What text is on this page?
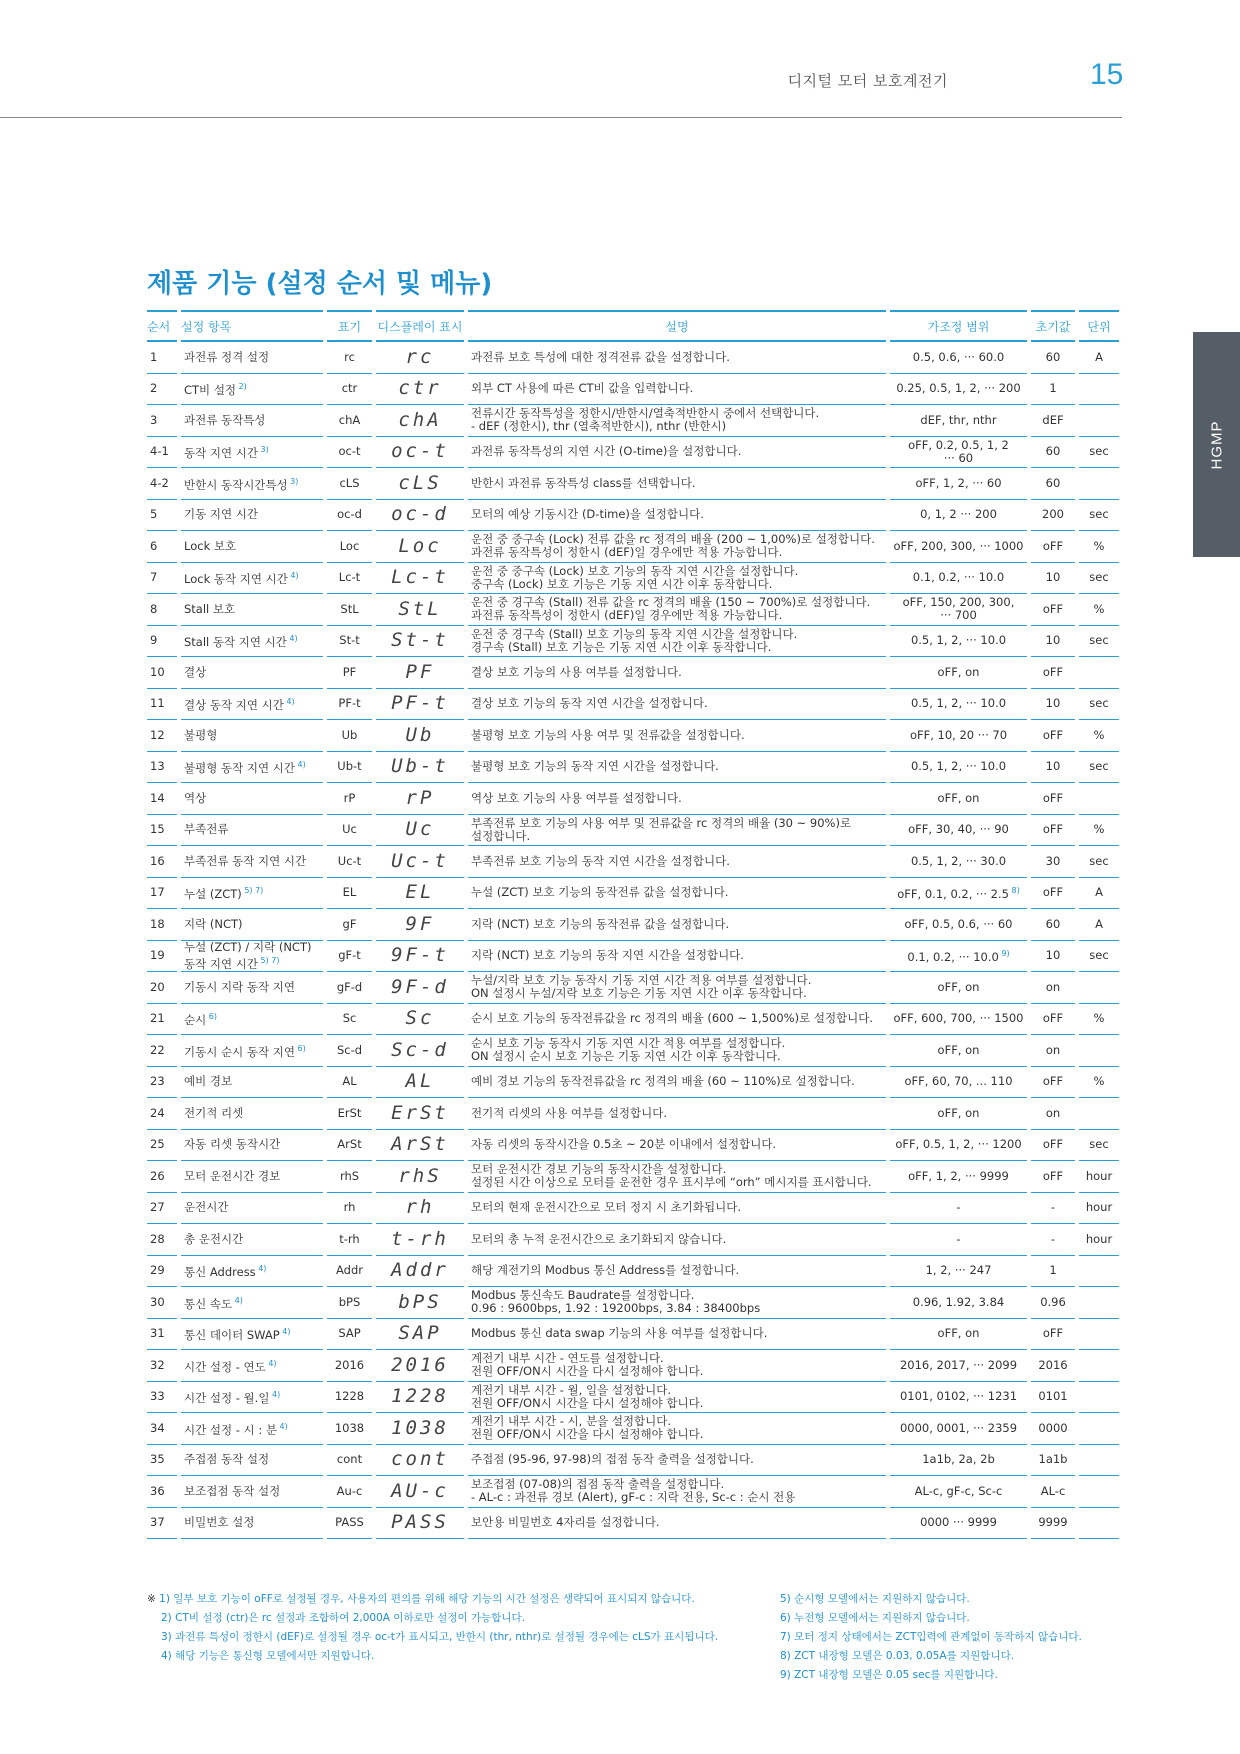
디지털 모터 보호계전기	15
HGMP
제품 기능 (설정 순서 및 메뉴)
순서	설정 항목	표기	디스플레이 표시	설명	가조정 범위	초기값	단위
1	과전류 정격 설정	rc	rc	과전류 보호 특성에 대한 정격전류 값을 설정합니다.	0.5, 0.6, ··· 60.0	60	A
2	CT비 설정 $^{2)}$	ctr	ctr	외부 CT 사용에 따른 CT비 값을 입력합니다.	0.25, 0.5, 1, 2, ··· 200	1	
3	과전류 동작특성	chA	chA	전류시간 동작특성을 정한시/반한시/열축적반한시 중에서 선택합니다.
- dEF (정한시), thr (열축적반한시), nthr (반한시)	dEF, thr, nthr	dEF	
4-1	동작 지연 시간 $^{3)}$	oc-t	oc-t	과전류 동작특성의 지연 시간 (O-time)을 설정합니다.	oFF, 0.2, 0.5, 1, 2
··· 60	60	sec
4-2	반한시 동작시간특성 $^{3)}$	cLS	cLS	반한시 과전류 동작특성 class를 선택합니다.	oFF, 1, 2, ··· 60	60	
5	기동 지연 시간	oc-d	oc-d	모터의 예상 기동시간 (D-time)을 설정합니다.	0, 1, 2 ··· 200	200	sec
6	Lock 보호	Loc	Loc	운전 중 중구속 (Lock) 전류 값을 rc 정격의 배율 (200 ~ 1,00%)로 설정합니다.
과전류 동작특성이 정한시 (dEF)일 경우에만 적용 가능합니다.	oFF, 200, 300, ··· 1000	oFF	%
7	Lock 동작 지연 시간 $^{4)}$	Lc-t	Lc-t	운전 중 중구속 (Lock) 보호 기능의 동작 지연 시간을 설정합니다.
중구속 (Lock) 보호 기능은 기동 지연 시간 이후 동작합니다.	0.1, 0.2, ··· 10.0	10	sec
8	Stall 보호	StL	StL	운전 중 경구속 (Stall) 전류 값을 rc 정격의 배율 (150 ~ 700%)로 설정합니다.
과전류 동작특성이 정한시 (dEF)일 경우에만 적용 가능합니다.	oFF, 150, 200, 300,
··· 700	oFF	%
9	Stall 동작 지연 시간 $^{4)}$	St-t	St-t	운전 중 경구속 (Stall) 보호 기능의 동작 지연 시간을 설정합니다.
경구속 (Stall) 보호 기능은 기동 지연 시간 이후 동작합니다.	0.5, 1, 2, ··· 10.0	10	sec
10	결상	PF	PF	결상 보호 기능의 사용 여부를 설정합니다.	oFF, on	oFF	
11	결상 동작 지연 시간 $^{4)}$	PF-t	PF-t	결상 보호 기능의 동작 지연 시간을 설정합니다.	0.5, 1, 2, ··· 10.0	10	sec
12	불평형	Ub	Ub	불평형 보호 기능의 사용 여부 및 전류값을 설정합니다.	oFF, 10, 20 ··· 70	oFF	%
13	불평형 동작 지연 시간 $^{4)}$	Ub-t	Ub-t	불평형 보호 기능의 동작 지연 시간을 설정합니다.	0.5, 1, 2, ··· 10.0	10	sec
14	역상	rP	rP	역상 보호 기능의 사용 여부를 설정합니다.	oFF, on	oFF	
15	부족전류	Uc	Uc	부족전류 보호 기능의 사용 여부 및 전류값을 rc 정격의 배율 (30 ~ 90%)로
설정합니다.	oFF, 30, 40, ··· 90	oFF	%
16	부족전류 동작 지연 시간	Uc-t	Uc-t	부족전류 보호 기능의 동작 지연 시간을 설정합니다.	0.5, 1, 2, ··· 30.0	30	sec
17	누설 (ZCT) $^{5) 7)}$	EL	EL	누설 (ZCT) 보호 기능의 동작전류 값을 설정합니다.	oFF, 0.1, 0.2, ··· 2.5 $^{8)}$	oFF	A
18	지락 (NCT)	gF	9F	지락 (NCT) 보호 기능의 동작전류 값을 설정합니다.	oFF, 0.5, 0.6, ··· 60	60	A
19	누설 (ZCT) / 지락 (NCT)
동작 지연 시간 $^{5) 7)}$	gF-t	9F-t	지락 (NCT) 보호 기능의 동작 지연 시간을 설정합니다.	0.1, 0.2, ··· 10.0 $^{9)}$	10	sec
20	기동시 지락 동작 지연	gF-d	9F-d	누설/지락 보호 기능 동작시 기동 지연 시간 적용 여부를 설정합니다.
ON 설정시 누설/지락 보호 기능은 기동 지연 시간 이후 동작합니다.	oFF, on	on	
21	순시 $^{6)}$	Sc	Sc	순시 보호 기능의 동작전류값을 rc 정격의 배율 (600 ~ 1,500%)로 설정합니다.	oFF, 600, 700, ··· 1500	oFF	%
22	기동시 순시 동작 지연 $^{6)}$	Sc-d	Sc-d	순시 보호 기능 동작시 기동 지연 시간 적용 여부를 설정합니다.
ON 설정시 순시 보호 기능은 기동 지연 시간 이후 동작합니다.	oFF, on	on	
23	예비 경보	AL	AL	예비 경보 기능의 동작전류값을 rc 정격의 배율 (60 ~ 110%)로 설정합니다.	oFF, 60, 70, ... 110	oFF	%
24	전기적 리셋	ErSt	ErSt	전기적 리셋의 사용 여부를 설정합니다.	oFF, on	on	
25	자동 리셋 동작시간	ArSt	ArSt	자동 리셋의 동작시간을 0.5초 ~ 20분 이내에서 설정합니다.	oFF, 0.5, 1, 2, ··· 1200	oFF	sec
26	모터 운전시간 경보	rhS	rhS	모터 운전시간 경보 기능의 동작시간을 설정합니다.
설정된 시간 이상으로 모터를 운전한 경우 표시부에 “orh” 메시지를 표시합니다.	oFF, 1, 2, ··· 9999	oFF	hour
27	운전시간	rh	rh	모터의 현재 운전시간으로 모터 정지 시 초기화됩니다.	-	-	hour
28	총 운전시간	t-rh	t-rh	모터의 총 누적 운전시간으로 초기화되지 않습니다.	-	-	hour
29	통신 Address $^{4)}$	Addr	Addr	해당 계전기의 Modbus 통신 Address를 설정합니다.	1, 2, ··· 247	1	
30	통신 속도 $^{4)}$	bPS	bPS	Modbus 통신속도 Baudrate를 설정합니다.
0.96 : 9600bps, 1.92 : 19200bps, 3.84 : 38400bps	0.96, 1.92, 3.84	0.96	
31	통신 데이터 SWAP $^{4)}$	SAP	SAP	Modbus 통신 data swap 기능의 사용 여부를 설정합니다.	oFF, on	oFF	
32	시간 설정 - 연도 $^{4)}$	2016	2016	계전기 내부 시간 - 연도를 설정합니다.
전원 OFF/ON시 시간을 다시 설정해야 합니다.	2016, 2017, ··· 2099	2016	
33	시간 설정 - 월.일 $^{4)}$	1228	1228	계전기 내부 시간 - 월, 일을 설정합니다.
전원 OFF/ON시 시간을 다시 설정해야 합니다.	0101, 0102, ··· 1231	0101	
34	시간 설정 - 시 : 분 $^{4)}$	1038	1038	계전기 내부 시간 - 시, 분을 설정합니다.
전원 OFF/ON시 시간을 다시 설정해야 합니다.	0000, 0001, ··· 2359	0000	
35	주접점 동작 설정	cont	cont	주접점 (95-96, 97-98)의 접점 동작 출력을 설정합니다.	1a1b, 2a, 2b	1a1b	
36	보조접점 동작 설정	Au-c	AU-c	보조접점 (07-08)의 접점 동작 출력을 설정합니다.
- AL-c : 과전류 경보 (Alert), gF-c : 지락 전용, Sc-c : 순시 전용	AL-c, gF-c, Sc-c	AL-c	
37	비밀번호 설정	PASS	PASS	보안용 비밀번호 4자리를 설정합니다.	0000 ··· 9999	9999	
※ 1) 일부 보호 기능이 oFF로 설정될 경우, 사용자의 편의를 위해 해당 기능의 시간 설정은 생략되어 표시되지 않습니다.
2) CT비 설정 (ctr)은 rc 설정과 조합하여 2,000A 이하로만 설정이 가능합니다.
3) 과전류 특성이 정한시 (dEF)로 설정될 경우 oc-t가 표시되고, 반한시 (thr, nthr)로 설정될 경우에는 cLS가 표시됩니다.
4) 해당 기능은 통신형 모델에서만 지원합니다.
5) 순시형 모델에서는 지원하지 않습니다.
6) 누전형 모델에서는 지원하지 않습니다.
7) 모터 정지 상태에서는 ZCT입력에 관계없이 동작하지 않습니다.
8) ZCT 내장형 모델은 0.03, 0.05A를 지원합니다.
9) ZCT 내장형 모델은 0.05 sec를 지원합니다.
